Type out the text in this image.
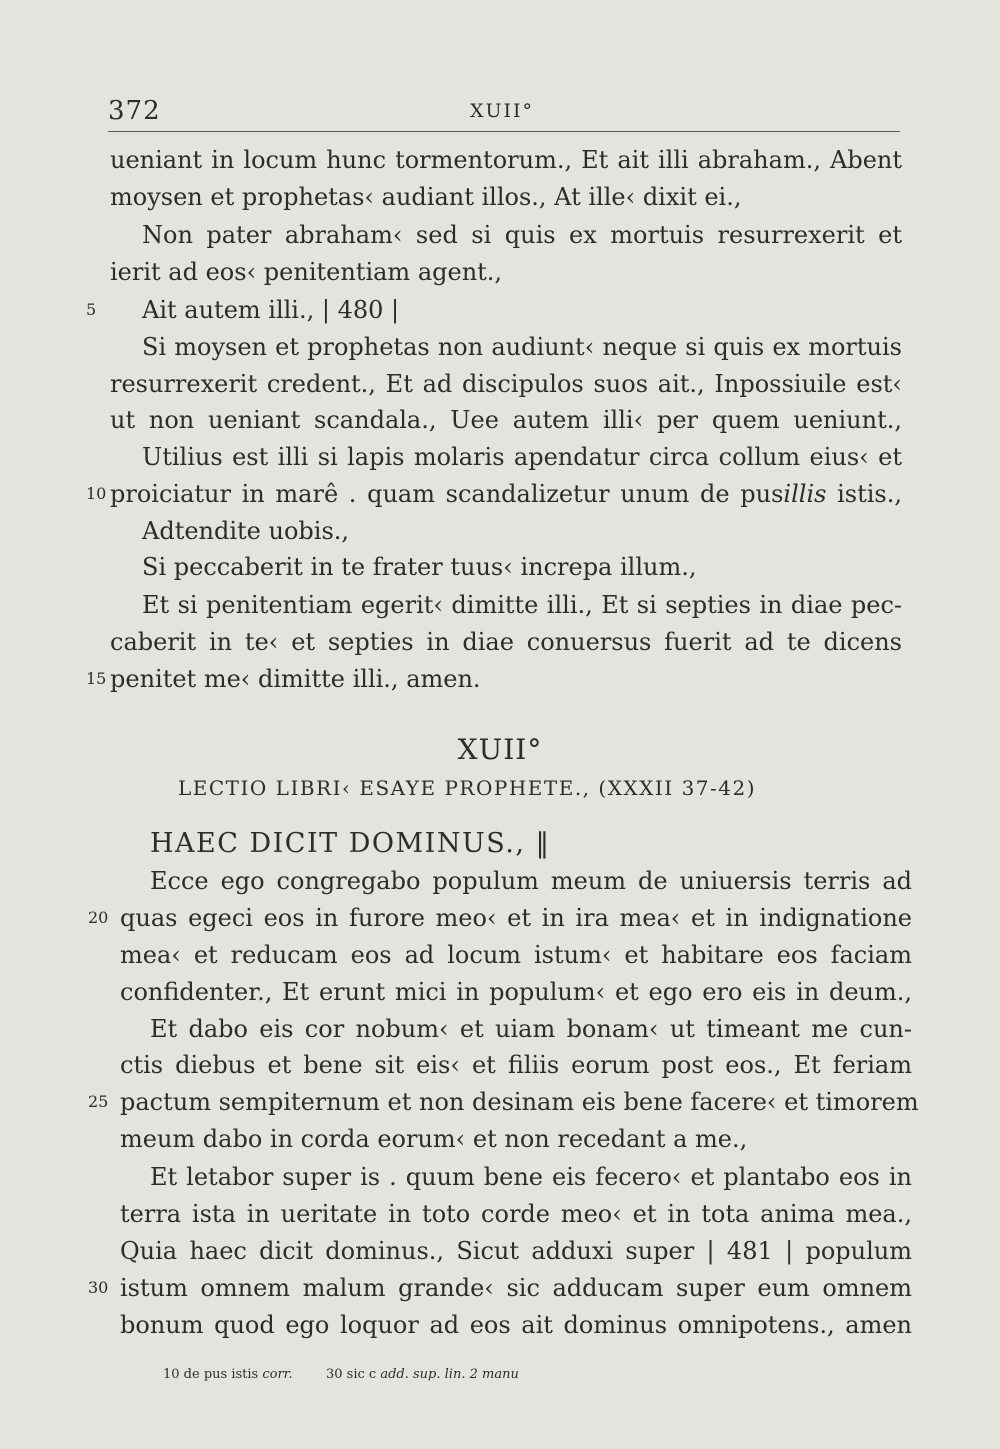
372	XUII°
ueniant in locum hunc tormentorum., Et ait illi abraham., Abent
moysen et prophetas‹ audiant illos., At ille‹ dixit ei.,
Non pater abraham‹ sed si quis ex mortuis resurrexerit et
ierit ad eos‹ penitentiam agent.,
5 Ait autem illi., | 480 |
Si moysen et prophetas non audiunt‹ neque si quis ex mortuis
resurrexerit credent., Et ad discipulos suos ait., Inpossiuile est‹
ut non ueniant scandala., Uee autem illi‹ per quem ueniunt.,
Utilius est illi si lapis molaris apendatur circa collum eius‹ et
10 proiciatur in marê . quam scandalizetur unum de pusillis istis.,
Adtendite uobis.,
Si peccaberit in te frater tuus‹ increpa illum.,
Et si penitentiam egerit‹ dimitte illi., Et si septies in diae pec-
caberit in te‹ et septies in diae conuersus fuerit ad te dicens
15 penitet me‹ dimitte illi., amen.
XUII°
LECTIO LIBRI‹ ESAYE PROPHETE., (XXXII 37-42)
HAEC DICIT DOMINUS., ‖
Ecce ego congregabo populum meum de uniuersis terris ad
20 quas egeci eos in furore meo‹ et in ira mea‹ et in indignatione
mea‹ et reducam eos ad locum istum‹ et habitare eos faciam
confidenter., Et erunt mici in populum‹ et ego ero eis in deum.,
Et dabo eis cor nobum‹ et uiam bonam‹ ut timeant me cun-
ctis diebus et bene sit eis‹ et filiis eorum post eos., Et feriam
25 pactum sempiternum et non desinam eis bene facere‹ et timorem
meum dabo in corda eorum‹ et non recedant a me.,
Et letabor super is . quum bene eis fecero‹ et plantabo eos in
terra ista in ueritate in toto corde meo‹ et in tota anima mea.,
Quia haec dicit dominus., Sicut adduxi super | 481 | populum
30 istum omnem malum grande‹ sic adducam super eum omnem
bonum quod ego loquor ad eos ait dominus omnipotens., amen
10 de pus istis corr.	30 sic c add. sup. lin. 2 manu
